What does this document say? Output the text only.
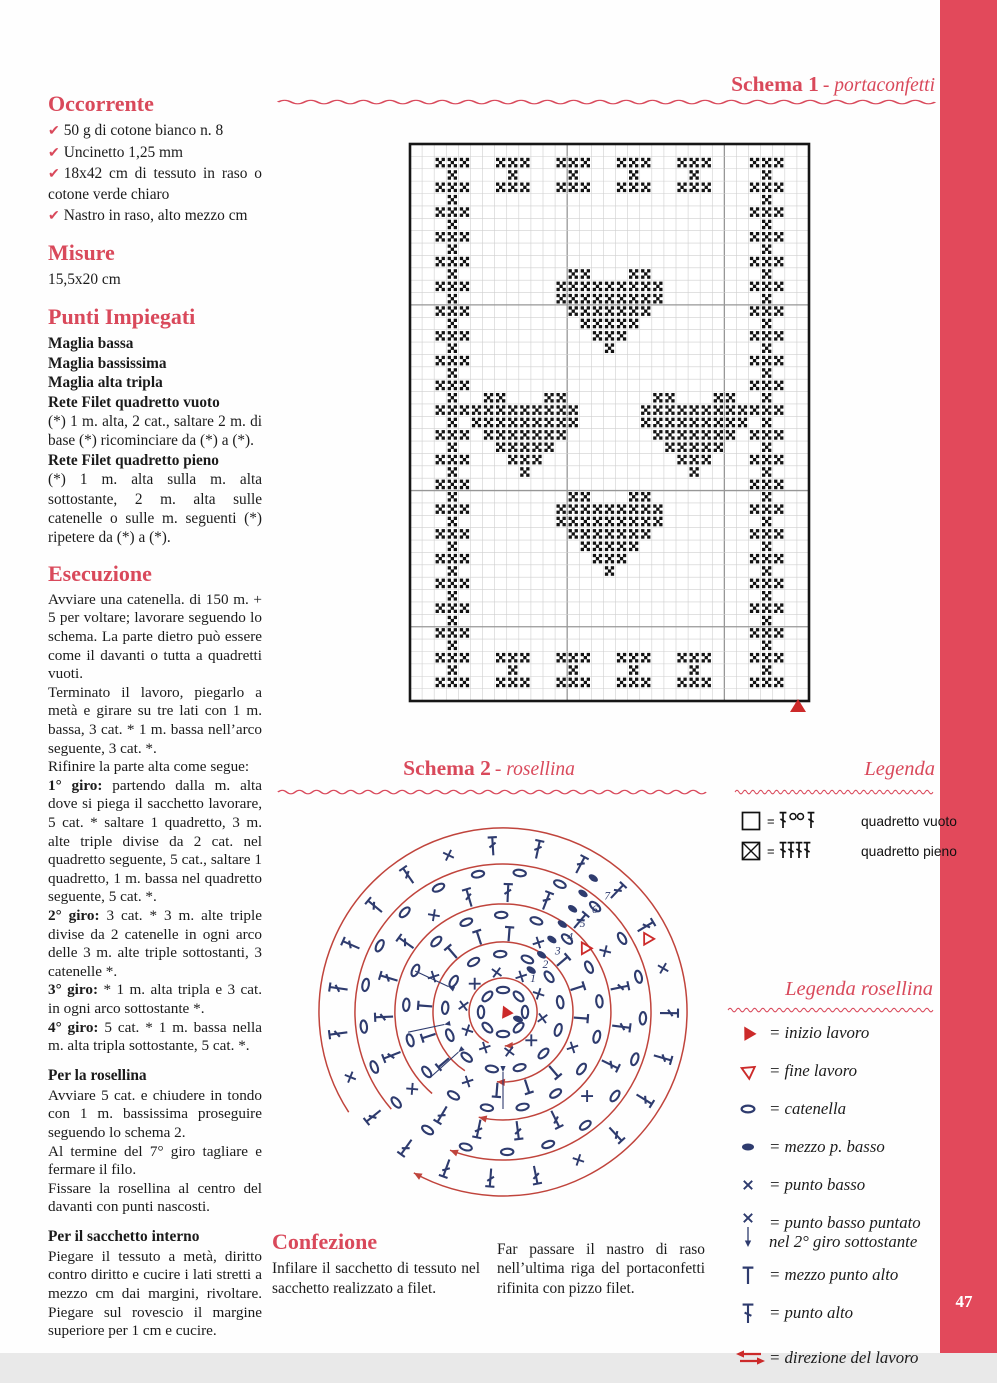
47
Occorrente
✔ 50 g di cotone bianco n. 8
✔ Uncinetto 1,25 mm
✔ 18x42 cm di tessuto in raso o cotone verde chiaro
✔ Nastro in raso, alto mezzo cm
Misure
15,5x20 cm
Punti Impiegati
Maglia bassa
Maglia bassissima
Maglia alta tripla
Rete Filet quadretto vuoto
(*) 1 m. alta, 2 cat., saltare 2 m. di base (*) ricominciare da (*) a (*).
Rete Filet quadretto pieno
(*) 1 m. alta sulla m. alta sottostante, 2 m. alta sulle catenelle o sulle m. seguenti (*) ripetere da (*) a (*).
Esecuzione

Avviare una catenella. di 150 m. + 5 per voltare; lavorare seguendo lo schema. La parte dietro può essere come il davanti o tutta a quadretti vuoti.

Terminato il lavoro, piegarlo a metà e girare su tre lati con 1 m. bassa, 3 cat. * 1 m. bassa nell’arco seguente, 3 cat. *.

Rifinire la parte alta come segue:

1° giro: partendo dalla m. alta dove si piega il sacchetto lavorare, 5 cat. * saltare 1 quadretto, 3 m. alte triple divise da 2 cat. nel quadretto seguente, 5 cat., saltare 1 quadretto, 1 m. bassa nel quadretto seguente, 5 cat. *.

2° giro: 3 cat. * 3 m. alte triple divise da 2 catenelle in ogni arco delle 3 m. alte triple sottostanti, 3 catenelle *.

3° giro: * 1 m. alta tripla e 3 cat. in ogni arco sottostante *.

4° giro: 5 cat. * 1 m. bassa nella m. alta tripla sottostante, 5 cat. *.

Per la rosellina

Avviare 5 cat. e chiudere in tondo con 1 m. bassissima proseguire seguendo lo schema 2.

Al termine del 7° giro tagliare e fermare il filo.

Fissare la rosellina al centro del davanti con punti nascosti.

Per il sacchetto interno

Piegare il tessuto a metà, diritto contro diritto e cucire i lati stretti a mezzo cm dai margini, rivoltare. Piegare sul rovescio il margine superiore per 1 cm e cucire.

Schema 1 - portaconfetti
Schema 2 - rosellina	Legenda
=	quadretto vuoto
=	quadretto pieno
1
2
3
4
5
6
7
Legenda rosellina
= inizio lavoro
= fine lavoro
= catenella
= mezzo p. basso
= punto basso
= punto basso puntato
nel 2° giro sottostante
= mezzo punto alto
= punto alto
= direzione del lavoro
Confezione

Infilare il sacchetto di tessuto nel sacchetto realizzato a filet.

Far passare il nastro di raso nell’ultima riga del portaconfetti rifinita con pizzo filet.
